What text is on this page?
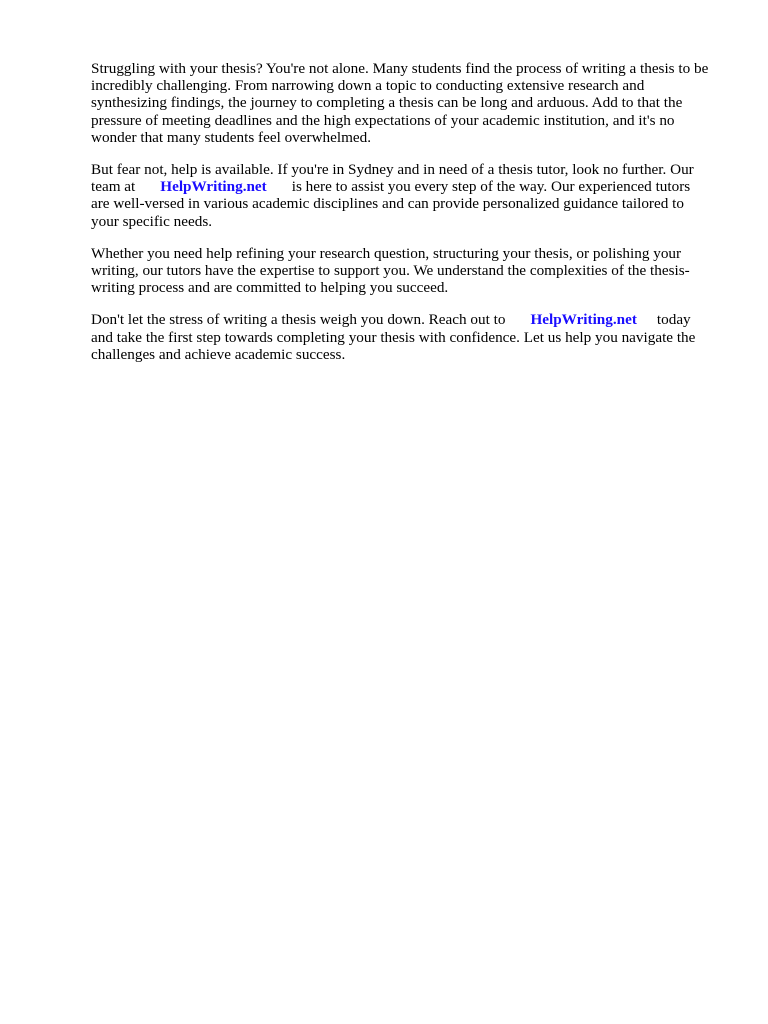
Struggling with your thesis? You're not alone. Many students find the process of writing a thesis to be incredibly challenging. From narrowing down a topic to conducting extensive research and synthesizing findings, the journey to completing a thesis can be long and arduous. Add to that the pressure of meeting deadlines and the high expectations of your academic institution, and it's no wonder that many students feel overwhelmed.

But fear not, help is available. If you're in Sydney and in need of a thesis tutor, look no further. Our team at HelpWriting.net is here to assist you every step of the way. Our experienced tutors are well-versed in various academic disciplines and can provide personalized guidance tailored to your specific needs.

Whether you need help refining your research question, structuring your thesis, or polishing your writing, our tutors have the expertise to support you. We understand the complexities of the thesis-writing process and are committed to helping you succeed.

Don't let the stress of writing a thesis weigh you down. Reach out to HelpWriting.net today and take the first step towards completing your thesis with confidence. Let us help you navigate the challenges and achieve academic success.
